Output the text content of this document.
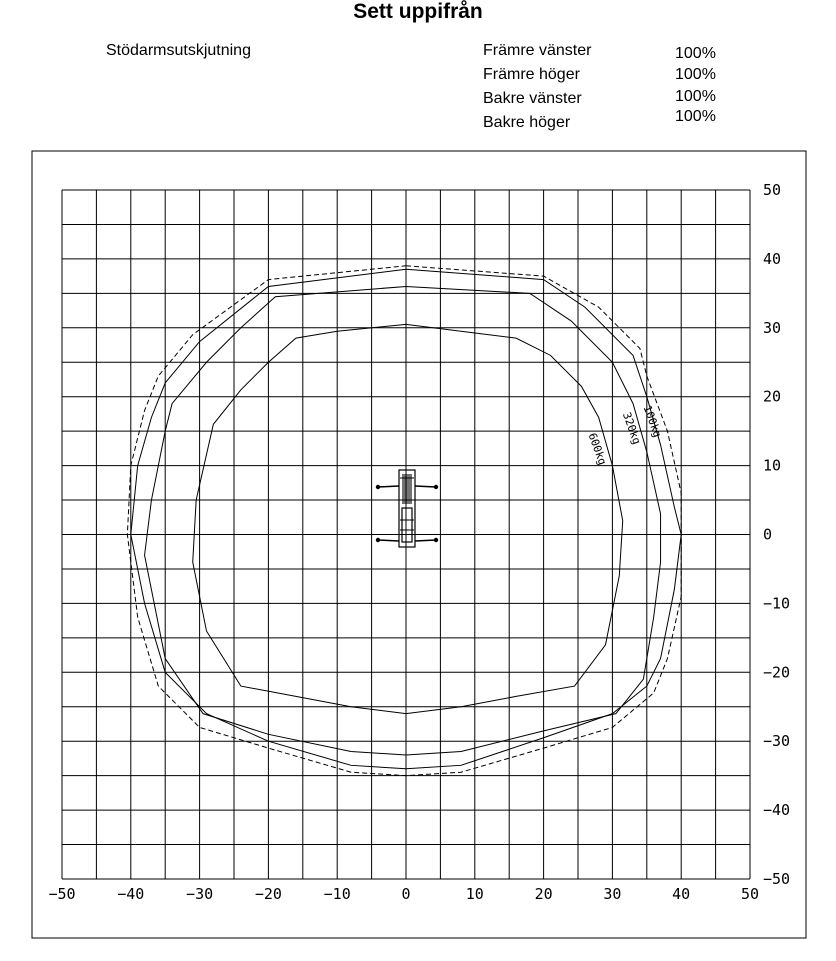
Sett uppifrån
Stödarmsutskjutning	Främre vänster	100%
Främre höger	100%
Bakre vänster	100%
Bakre höger	100%
600kg
320kg
100kg
−50	−40	−30	−20	−10	0	10	20	30	40	50
50
40
30
20
10
0
−10
−20
−30
−40
−50
